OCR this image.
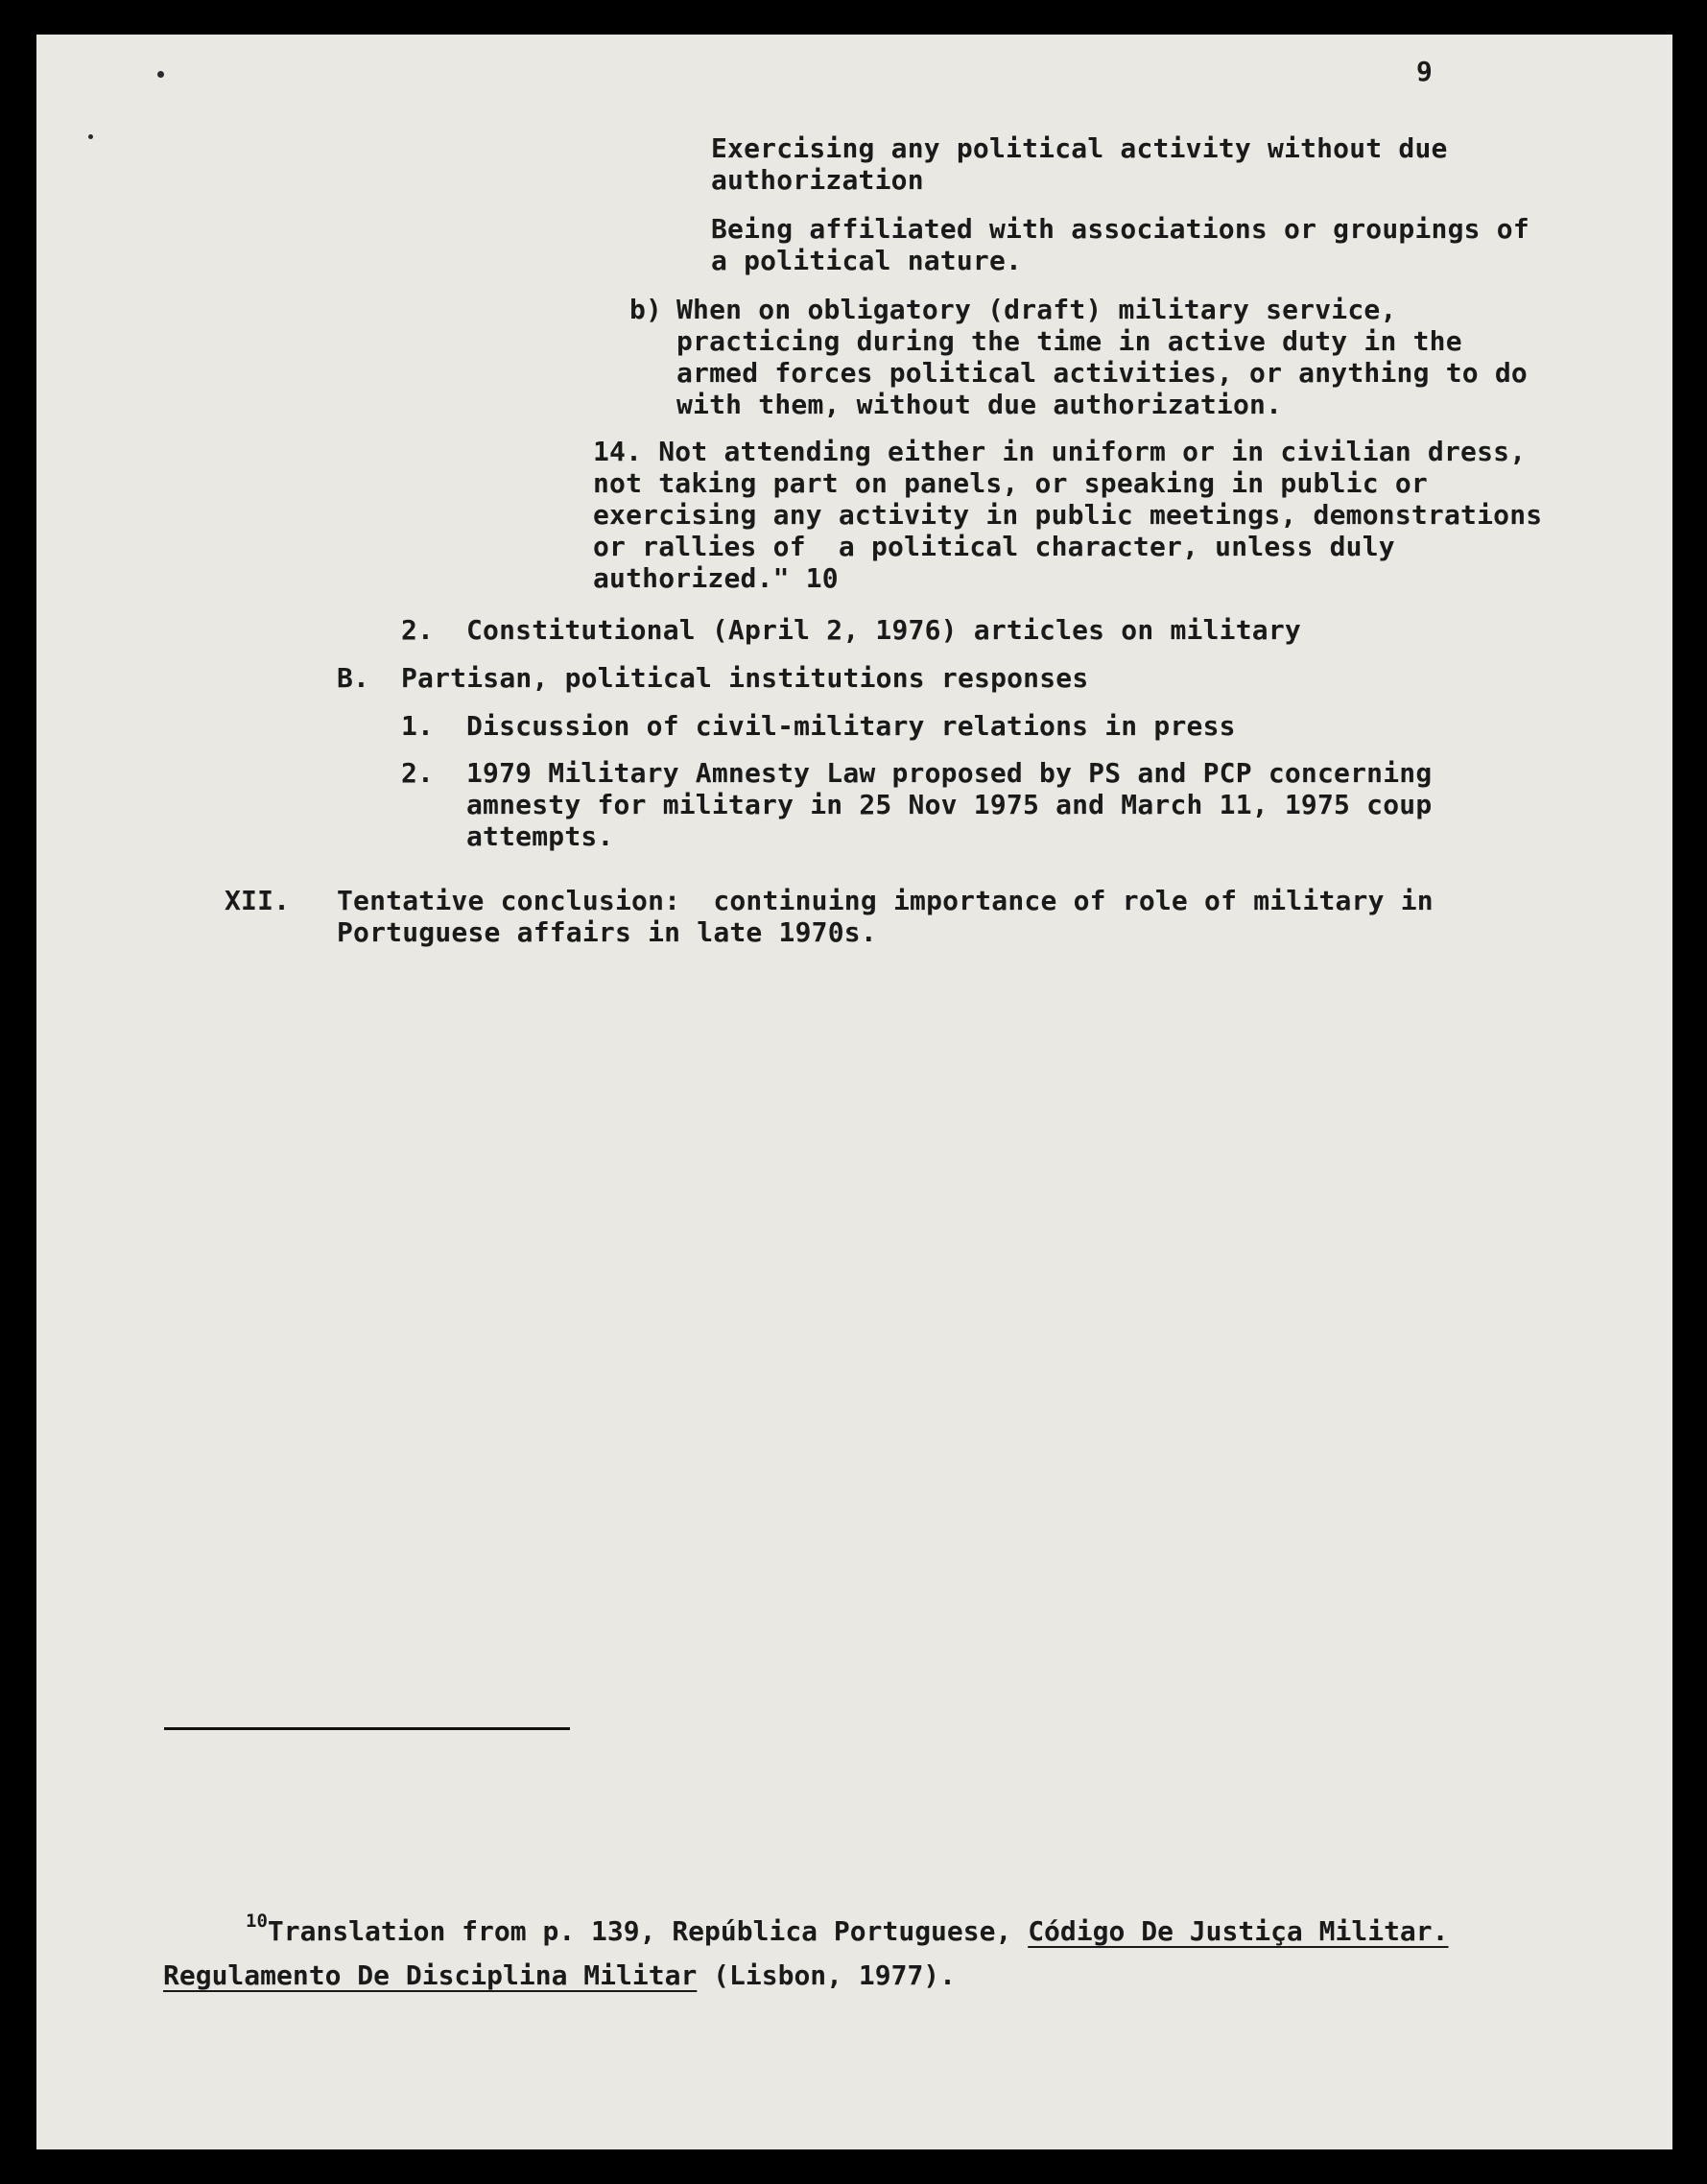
9
Exercising any political activity without due
authorization
Being affiliated with associations or groupings of
a political nature.
b) When on obligatory (draft) military service,
practicing during the time in active duty in the
armed forces political activities, or anything to do
with them, without due authorization.
14. Not attending either in uniform or in civilian dress,
not taking part on panels, or speaking in public or
exercising any activity in public meetings, demonstrations
or rallies of  a political character, unless duly
authorized." 10
2. Constitutional (April 2, 1976) articles on military
B. Partisan, political institutions responses
1. Discussion of civil-military relations in press
2. 1979 Military Amnesty Law proposed by PS and PCP concerning
amnesty for military in 25 Nov 1975 and March 11, 1975 coup
attempts.
XII. Tentative conclusion:  continuing importance of role of military in
Portuguese affairs in late 1970s.
$^{10}$Translation from p. 139, República Portuguese, Código De Justiça Militar.
Regulamento De Disciplina Militar (Lisbon, 1977).
